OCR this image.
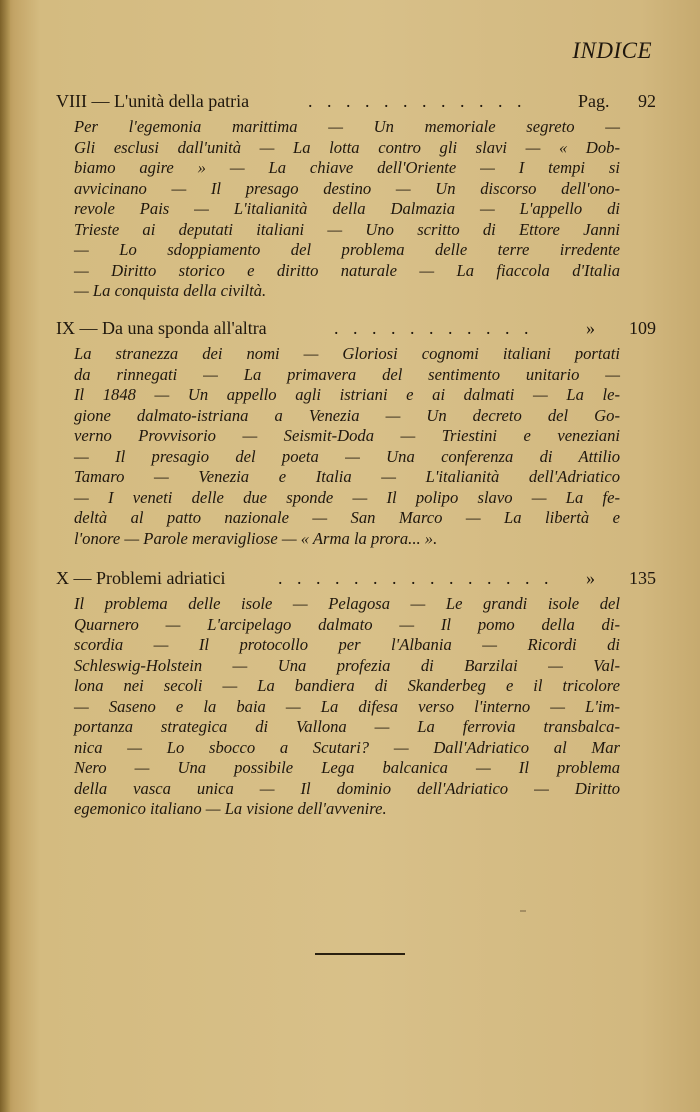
INDICE
VIII — L'unità della patria	. . . . . . . . . . . .	Pag. 92
Per l'egemonia marittima — Un memoriale segreto —
Gli esclusi dall'unità — La lotta contro gli slavi — « Dob-
biamo agire » — La chiave dell'Oriente — I tempi si
avvicinano — Il presago destino — Un discorso dell'ono-
revole Pais — L'italianità della Dalmazia — L'appello di
Trieste ai deputati italiani — Uno scritto di Ettore Janni
— Lo sdoppiamento del problema delle terre irredente
— Diritto storico e diritto naturale — La fiaccola d'Italia
— La conquista della civiltà.
IX — Da una sponda all'altra	. . . . . . . . . . .	» 109
La stranezza dei nomi — Gloriosi cognomi italiani portati
da rinnegati — La primavera del sentimento unitario —
Il 1848 — Un appello agli istriani e ai dalmati — La le-
gione dalmato-istriana a Venezia — Un decreto del Go-
verno Provvisorio — Seismit-Doda — Triestini e veneziani
— Il presagio del poeta — Una conferenza di Attilio
Tamaro — Venezia e Italia — L'italianità dell'Adriatico
— I veneti delle due sponde — Il polipo slavo — La fe-
deltà al patto nazionale — San Marco — La libertà e
l'onore — Parole meravigliose — « Arma la prora... ».
X — Problemi adriatici	. . . . . . . . . . . . . . .	» 135
Il problema delle isole — Pelagosa — Le grandi isole del
Quarnero — L'arcipelago dalmato — Il pomo della di-
scordia — Il protocollo per l'Albania — Ricordi di
Schleswig-Holstein — Una profezia di Barzilai — Val-
lona nei secoli — La bandiera di Skanderbeg e il tricolore
— Saseno e la baia — La difesa verso l'interno — L'im-
portanza strategica di Vallona — La ferrovia transbalca-
nica — Lo sbocco a Scutari? — Dall'Adriatico al Mar
Nero — Una possibile Lega balcanica — Il problema
della vasca unica — Il dominio dell'Adriatico — Diritto
egemonico italiano — La visione dell'avvenire.
